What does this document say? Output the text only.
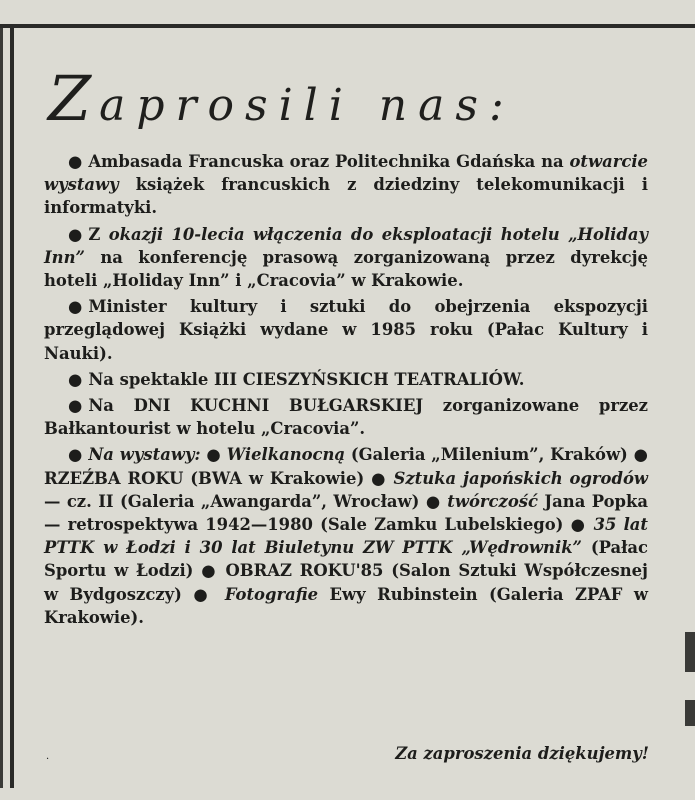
Zaprosili nas:

● Ambasada Francuska oraz Politechnika Gdańska na otwarcie wystawy książek francuskich z dziedziny telekomunikacji i informatyki.

● Z okazji 10-lecia włączenia do eksploatacji hotelu „Holiday Inn” na konferencję prasową zorganizowaną przez dyrekcję hoteli „Holiday Inn” i „Cracovia” w Krakowie.

● Minister kultury i sztuki do obejrzenia ekspozycji przeglądowej Książki wydane w 1985 roku (Pałac Kultury i Nauki).

● Na spektakle III CIESZYŃSKICH TEATRALIÓW.

● Na DNI KUCHNI BUŁGARSKIEJ zorganizowane przez Bałkantourist w hotelu „Cracovia”.

● Na wystawy: ● Wielkanocną (Galeria „Milenium”, Kraków) ● RZEŹBA ROKU (BWA w Krakowie) ● Sztuka japońskich ogrodów — cz. II (Galeria „Awangarda”, Wrocław) ● twórczość Jana Popka — retrospektywa 1942—1980 (Sale Zamku Lubelskiego) ● 35 lat PTTK w Łodzi i 30 lat Biuletynu ZW PTTK „Wędrownik” (Pałac Sportu w Łodzi) ● OBRAZ ROKU'85 (Salon Sztuki Współczesnej w Bydgoszczy) ● Fotografie Ewy Rubinstein (Galeria ZPAF w Krakowie).

·	Za zaproszenia dziękujemy!
